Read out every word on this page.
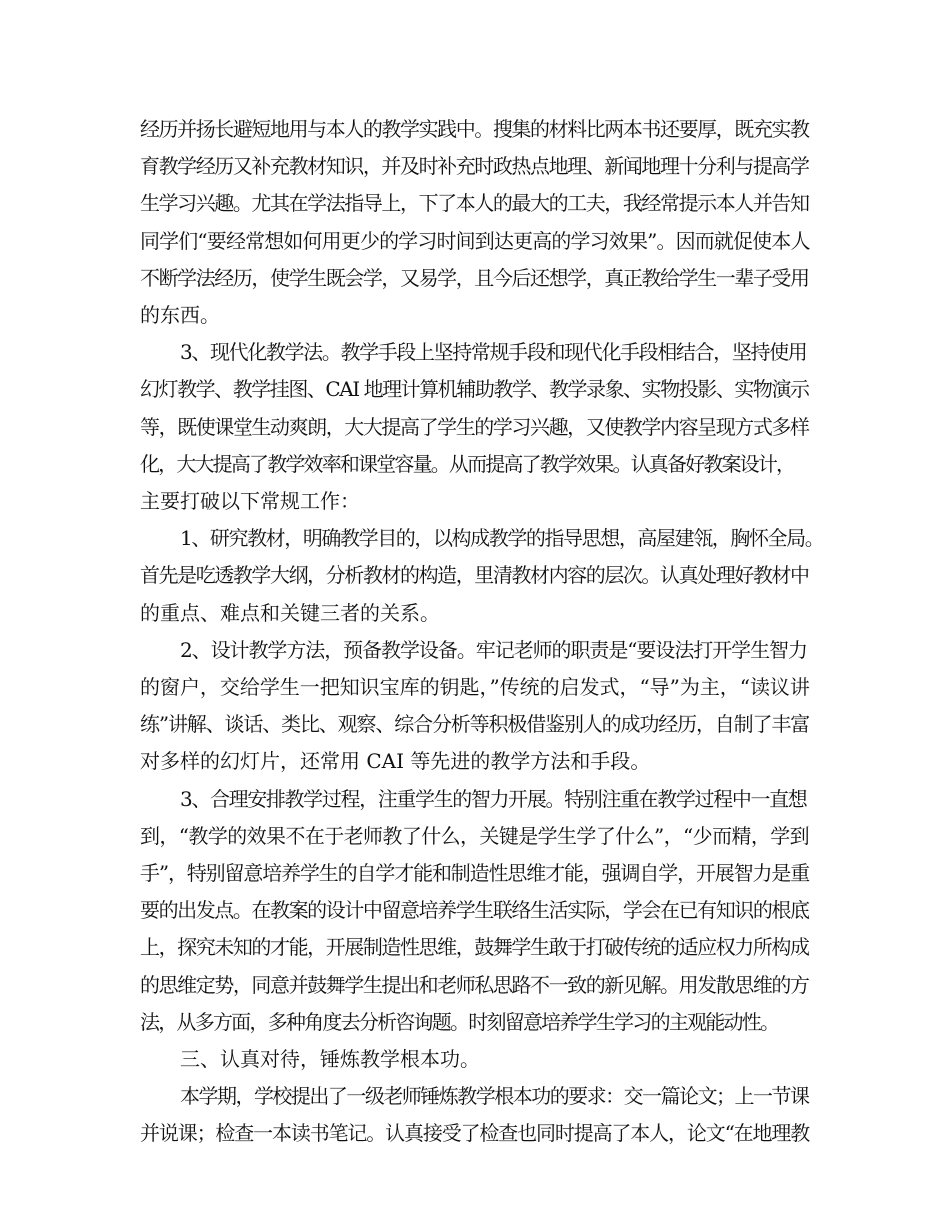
经历并扬长避短地用与本人的教学实践中。搜集的材料比两本书还要厚，既充实教
育教学经历又补充教材知识，并及时补充时政热点地理、新闻地理十分利与提高学
生学习兴趣。尤其在学法指导上，下了本人的最大的工夫，我经常提示本人并告知
同学们“要经常想如何用更少的学习时间到达更高的学习效果”。因而就促使本人
不断学法经历，使学生既会学，又易学，且今后还想学，真正教给学生一辈子受用
的东西。
3、现代化教学法。教学手段上坚持常规手段和现代化手段相结合，坚持使用
幻灯教学、教学挂图、CAI 地理计算机辅助教学、教学录象、实物投影、实物演示
等，既使课堂生动爽朗，大大提高了学生的学习兴趣，又使教学内容呈现方式多样
化，大大提高了教学效率和课堂容量。从而提高了教学效果。认真备好教案设计，
主要打破以下常规工作：
1、研究教材，明确教学目的，以构成教学的指导思想，高屋建瓴，胸怀全局。
首先是吃透教学大纲，分析教材的构造，里清教材内容的层次。认真处理好教材中
的重点、难点和关键三者的关系。
2、设计教学方法，预备教学设备。牢记老师的职责是“要设法打开学生智力
的窗户，交给学生一把知识宝库的钥匙，”传统的启发式，“导”为主，“读议讲
练”讲解、谈话、类比、观察、综合分析等积极借鉴别人的成功经历，自制了丰富
对多样的幻灯片，还常用 CAI 等先进的教学方法和手段。
3、合理安排教学过程，注重学生的智力开展。特别注重在教学过程中一直想
到，“教学的效果不在于老师教了什么，关键是学生学了什么”，“少而精，学到
手”，特别留意培养学生的自学才能和制造性思维才能，强调自学，开展智力是重
要的出发点。在教案的设计中留意培养学生联络生活实际，学会在已有知识的根底
上，探究未知的才能，开展制造性思维，鼓舞学生敢于打破传统的适应权力所构成
的思维定势，同意并鼓舞学生提出和老师私思路不一致的新见解。用发散思维的方
法，从多方面，多种角度去分析咨询题。时刻留意培养学生学习的主观能动性。
三、认真对待，锤炼教学根本功。
本学期，学校提出了一级老师锤炼教学根本功的要求：交一篇论文；上一节课
并说课；检查一本读书笔记。认真接受了检查也同时提高了本人，论文“在地理教
